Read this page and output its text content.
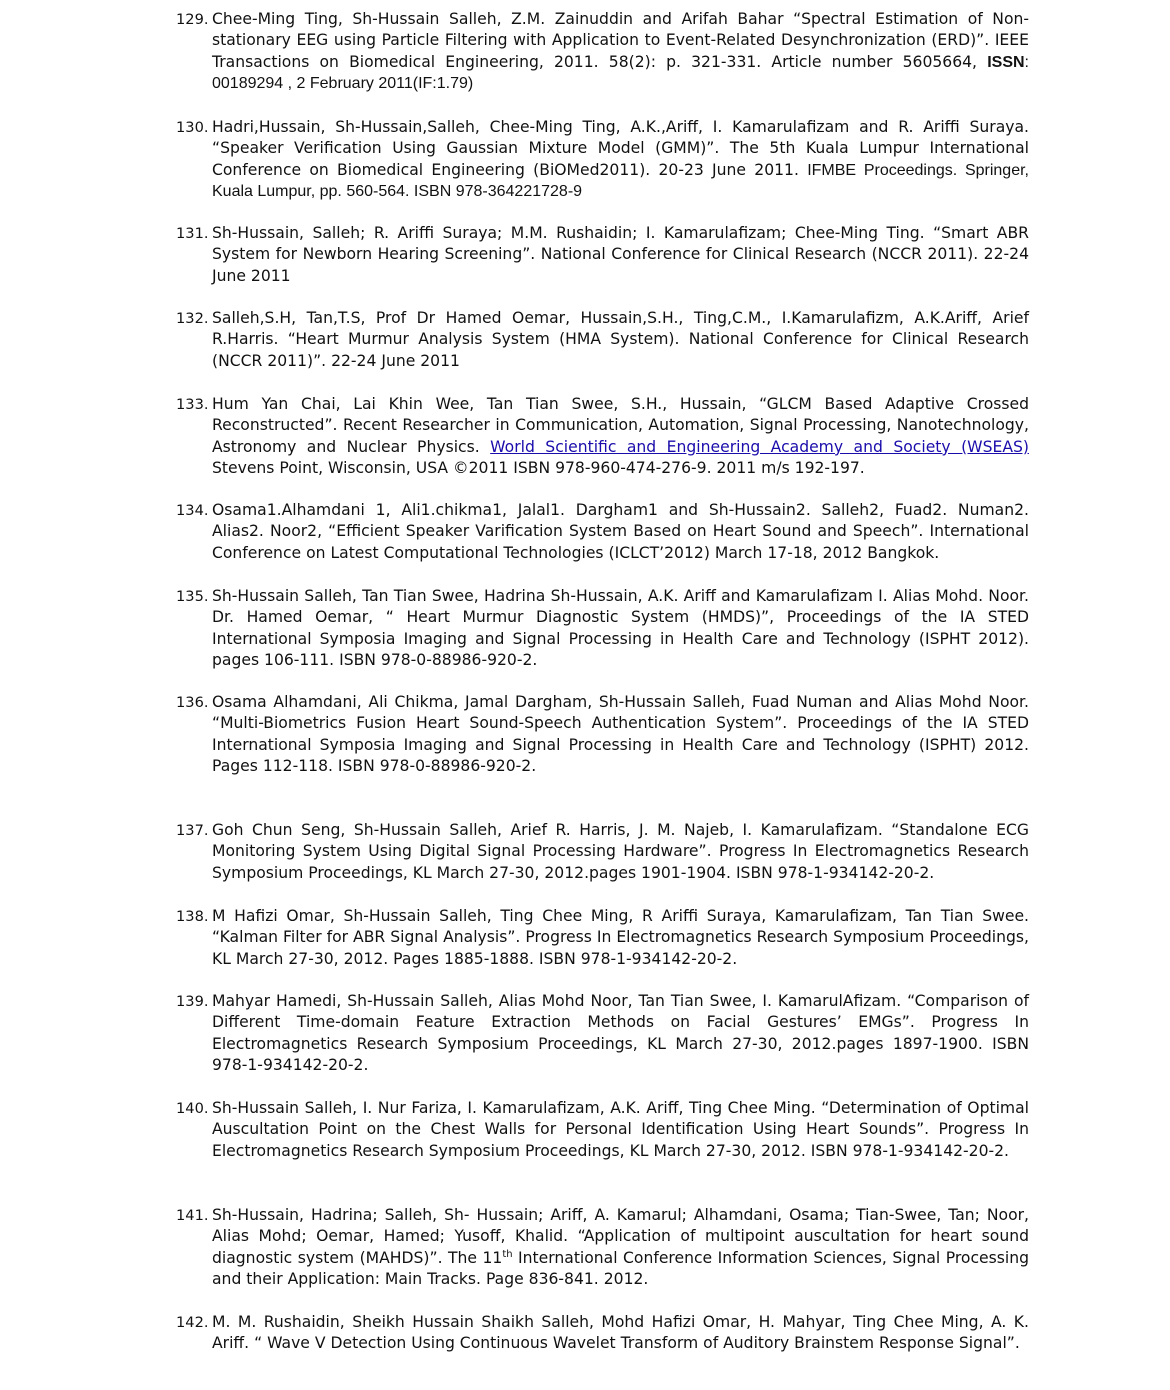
129. Chee-Ming Ting, Sh-Hussain Salleh, Z.M. Zainuddin and Arifah Bahar “Spectral Estimation of Non-stationary EEG using Particle Filtering with Application to Event-Related Desynchronization (ERD)”. IEEE Transactions on Biomedical Engineering, 2011. 58(2): p. 321-331. Article number 5605664, ISSN: 00189294 , 2 February 2011(IF:1.79)
130. Hadri,Hussain, Sh-Hussain,Salleh, Chee-Ming Ting, A.K.,Ariff, I. Kamarulafizam and R. Ariffi Suraya. “Speaker Verification Using Gaussian Mixture Model (GMM)”. The 5th Kuala Lumpur International Conference on Biomedical Engineering (BiOMed2011). 20-23 June 2011. IFMBE Proceedings. Springer, Kuala Lumpur, pp. 560-564. ISBN 978-364221728-9
131. Sh-Hussain, Salleh; R. Ariffi Suraya; M.M. Rushaidin; I. Kamarulafizam; Chee-Ming Ting. “Smart ABR System for Newborn Hearing Screening”. National Conference for Clinical Research (NCCR 2011). 22-24 June 2011
132. Salleh,S.H, Tan,T.S, Prof Dr Hamed Oemar, Hussain,S.H., Ting,C.M., I.Kamarulafizm, A.K.Ariff, Arief R.Harris. “Heart Murmur Analysis System (HMA System). National Conference for Clinical Research (NCCR 2011)”. 22-24 June 2011
133. Hum Yan Chai, Lai Khin Wee, Tan Tian Swee, S.H., Hussain, “GLCM Based Adaptive Crossed Reconstructed”. Recent Researcher in Communication, Automation, Signal Processing, Nanotechnology, Astronomy and Nuclear Physics. World Scientific and Engineering Academy and Society (WSEAS) Stevens Point, Wisconsin, USA ©2011 ISBN 978-960-474-276-9. 2011 m/s 192-197.
134. Osama1.Alhamdani 1, Ali1.chikma1, Jalal1. Dargham1 and Sh-Hussain2. Salleh2, Fuad2. Numan2. Alias2. Noor2, “Efficient Speaker Varification System Based on Heart Sound and Speech”. International Conference on Latest Computational Technologies (ICLCT’2012) March 17-18, 2012 Bangkok.
135. Sh-Hussain Salleh, Tan Tian Swee, Hadrina Sh-Hussain, A.K. Ariff and Kamarulafizam I. Alias Mohd. Noor. Dr. Hamed Oemar, “ Heart Murmur Diagnostic System (HMDS)”, Proceedings of the IA STED International Symposia Imaging and Signal Processing in Health Care and Technology (ISPHT 2012). pages 106-111. ISBN 978-0-88986-920-2.
136. Osama Alhamdani, Ali Chikma, Jamal Dargham, Sh-Hussain Salleh, Fuad Numan and Alias Mohd Noor. “Multi-Biometrics Fusion Heart Sound-Speech Authentication System”. Proceedings of the IA STED International Symposia Imaging and Signal Processing in Health Care and Technology (ISPHT) 2012. Pages 112-118. ISBN 978-0-88986-920-2.
137. Goh Chun Seng, Sh-Hussain Salleh, Arief R. Harris, J. M. Najeb, I. Kamarulafizam. “Standalone ECG Monitoring System Using Digital Signal Processing Hardware”. Progress In Electromagnetics Research Symposium Proceedings, KL March 27-30, 2012.pages 1901-1904. ISBN 978-1-934142-20-2.
138. M Hafizi Omar, Sh-Hussain Salleh, Ting Chee Ming, R Ariffi Suraya, Kamarulafizam, Tan Tian Swee. “Kalman Filter for ABR Signal Analysis”. Progress In Electromagnetics Research Symposium Proceedings, KL March 27-30, 2012. Pages 1885-1888. ISBN 978-1-934142-20-2.
139. Mahyar Hamedi, Sh-Hussain Salleh, Alias Mohd Noor, Tan Tian Swee, I. KamarulAfizam. “Comparison of Different Time-domain Feature Extraction Methods on Facial Gestures’ EMGs”. Progress In Electromagnetics Research Symposium Proceedings, KL March 27-30, 2012.pages 1897-1900. ISBN 978-1-934142-20-2.
140. Sh-Hussain Salleh, I. Nur Fariza, I. Kamarulafizam, A.K. Ariff, Ting Chee Ming. “Determination of Optimal Auscultation Point on the Chest Walls for Personal Identification Using Heart Sounds”. Progress In Electromagnetics Research Symposium Proceedings, KL March 27-30, 2012. ISBN 978-1-934142-20-2.
141. Sh-Hussain, Hadrina; Salleh, Sh- Hussain; Ariff, A. Kamarul; Alhamdani, Osama; Tian-Swee, Tan; Noor, Alias Mohd; Oemar, Hamed; Yusoff, Khalid. “Application of multipoint auscultation for heart sound diagnostic system (MAHDS)”. The 11th International Conference Information Sciences, Signal Processing and their Application: Main Tracks. Page 836-841. 2012.
142. M. M. Rushaidin, Sheikh Hussain Shaikh Salleh, Mohd Hafizi Omar, H. Mahyar, Ting Chee Ming, A. K. Ariff. “ Wave V Detection Using Continuous Wavelet Transform of Auditory Brainstem Response Signal”.
